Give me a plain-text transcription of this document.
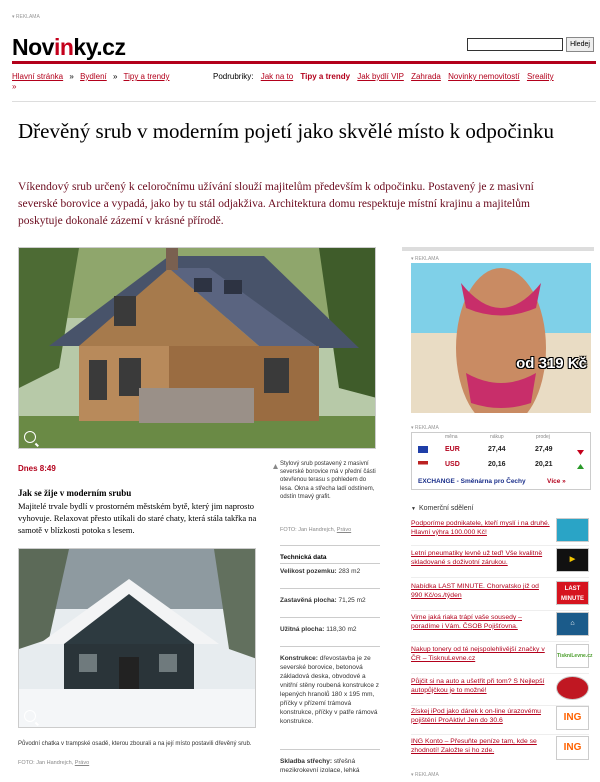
▾ REKLAMA
Novinky.cz	Hledej
Hlavní stránka » Bydlení » Tipy a trendy
»
Podrubriky: Jak na to Tipy a trendy Jak bydlí VIP Zahrada Novinky nemovitostí Sreality
Dřevěný srub v moderním pojetí jako skvělé místo k odpočinku
Víkendový srub určený k celoročnímu užívání slouží majitelům především k odpočinku. Postavený je z masivní severské borovice a vypadá, jako by tu stál odjakživa. Architektura domu respektuje místní krajinu a majitelům poskytuje dokonalé zázemí v krásné přírodě.
Dnes 8:49
Jak se žije v moderním srubu
Majitelé trvale bydlí v prostorném městském bytě, který jim naprosto vyhovuje. Relaxovat přesto utíkali do staré chaty, která stála takřka na samotě v blízkosti potoka s lesem.
Stylový srub postavený z masivní severské borovice má v přední části otevřenou terasu s pohledem do lesa. Okna a střecha ladí odstínem, odstín tmavý grafit.
FOTO: Jan Handrejch, Právo
Původní chatka v trampské osadě, kterou zbourali a na její místo postavili dřevěný srub.
FOTO: Jan Handrejch, Právo
Technická data
Velikost pozemku: 283 m2
Zastavěná plocha: 71,25 m2
Užitná plocha: 118,30 m2
Konstrukce: dřevostavba je ze severské borovice, betonová základová deska, obvodové a vnitřní stěny roubená konstrukce z lepených hranolů 180 x 195 mm, příčky v přízemí trámová konstrukce, příčky v patře rámová konstrukce.
Skladba střechy: střešná mezikrokevní izolace, lehká
▾ REKLAMA
od 319 Kč
▾ REKLAMA
měna	nákup	prodej
EUR	27,44	27,49
USD	20,16	20,21
EXCHANGE - Směnárna pro Čechy	Více »
▼ Komerční sdělení
Podporíme podnikatele, kteří myslí i na druhé. Hlavní výhra 100.000 Kč!
Letní pneumatiky levně už teď! Vše kvalitně skladované s doživotní zárukou.	▶
Nabídka LAST MINUTE. Chorvatsko již od 990 Kč/os./týden
LAST MINUTE
Vime jaká riaka trápí vaše sousedy – poradíme i Vám. ČSOB Pojišťovna.	⌂
Nakup tonery od té nejspolehlivější značky v ČR – TisknuLevne.cz	TiskniLevne.cz
Půjčit si na auto a ušetřit při tom? S Nejlepší autopůjčkou je to možné!
Získej iPod jako dárek k on-line úrazovému pojištění ProAktiv! Jen do 30.6	ING
ING Konto – Přesuňte peníze tam, kde se zhodnotí! Založte si ho zde.	ING
▾ REKLAMA
